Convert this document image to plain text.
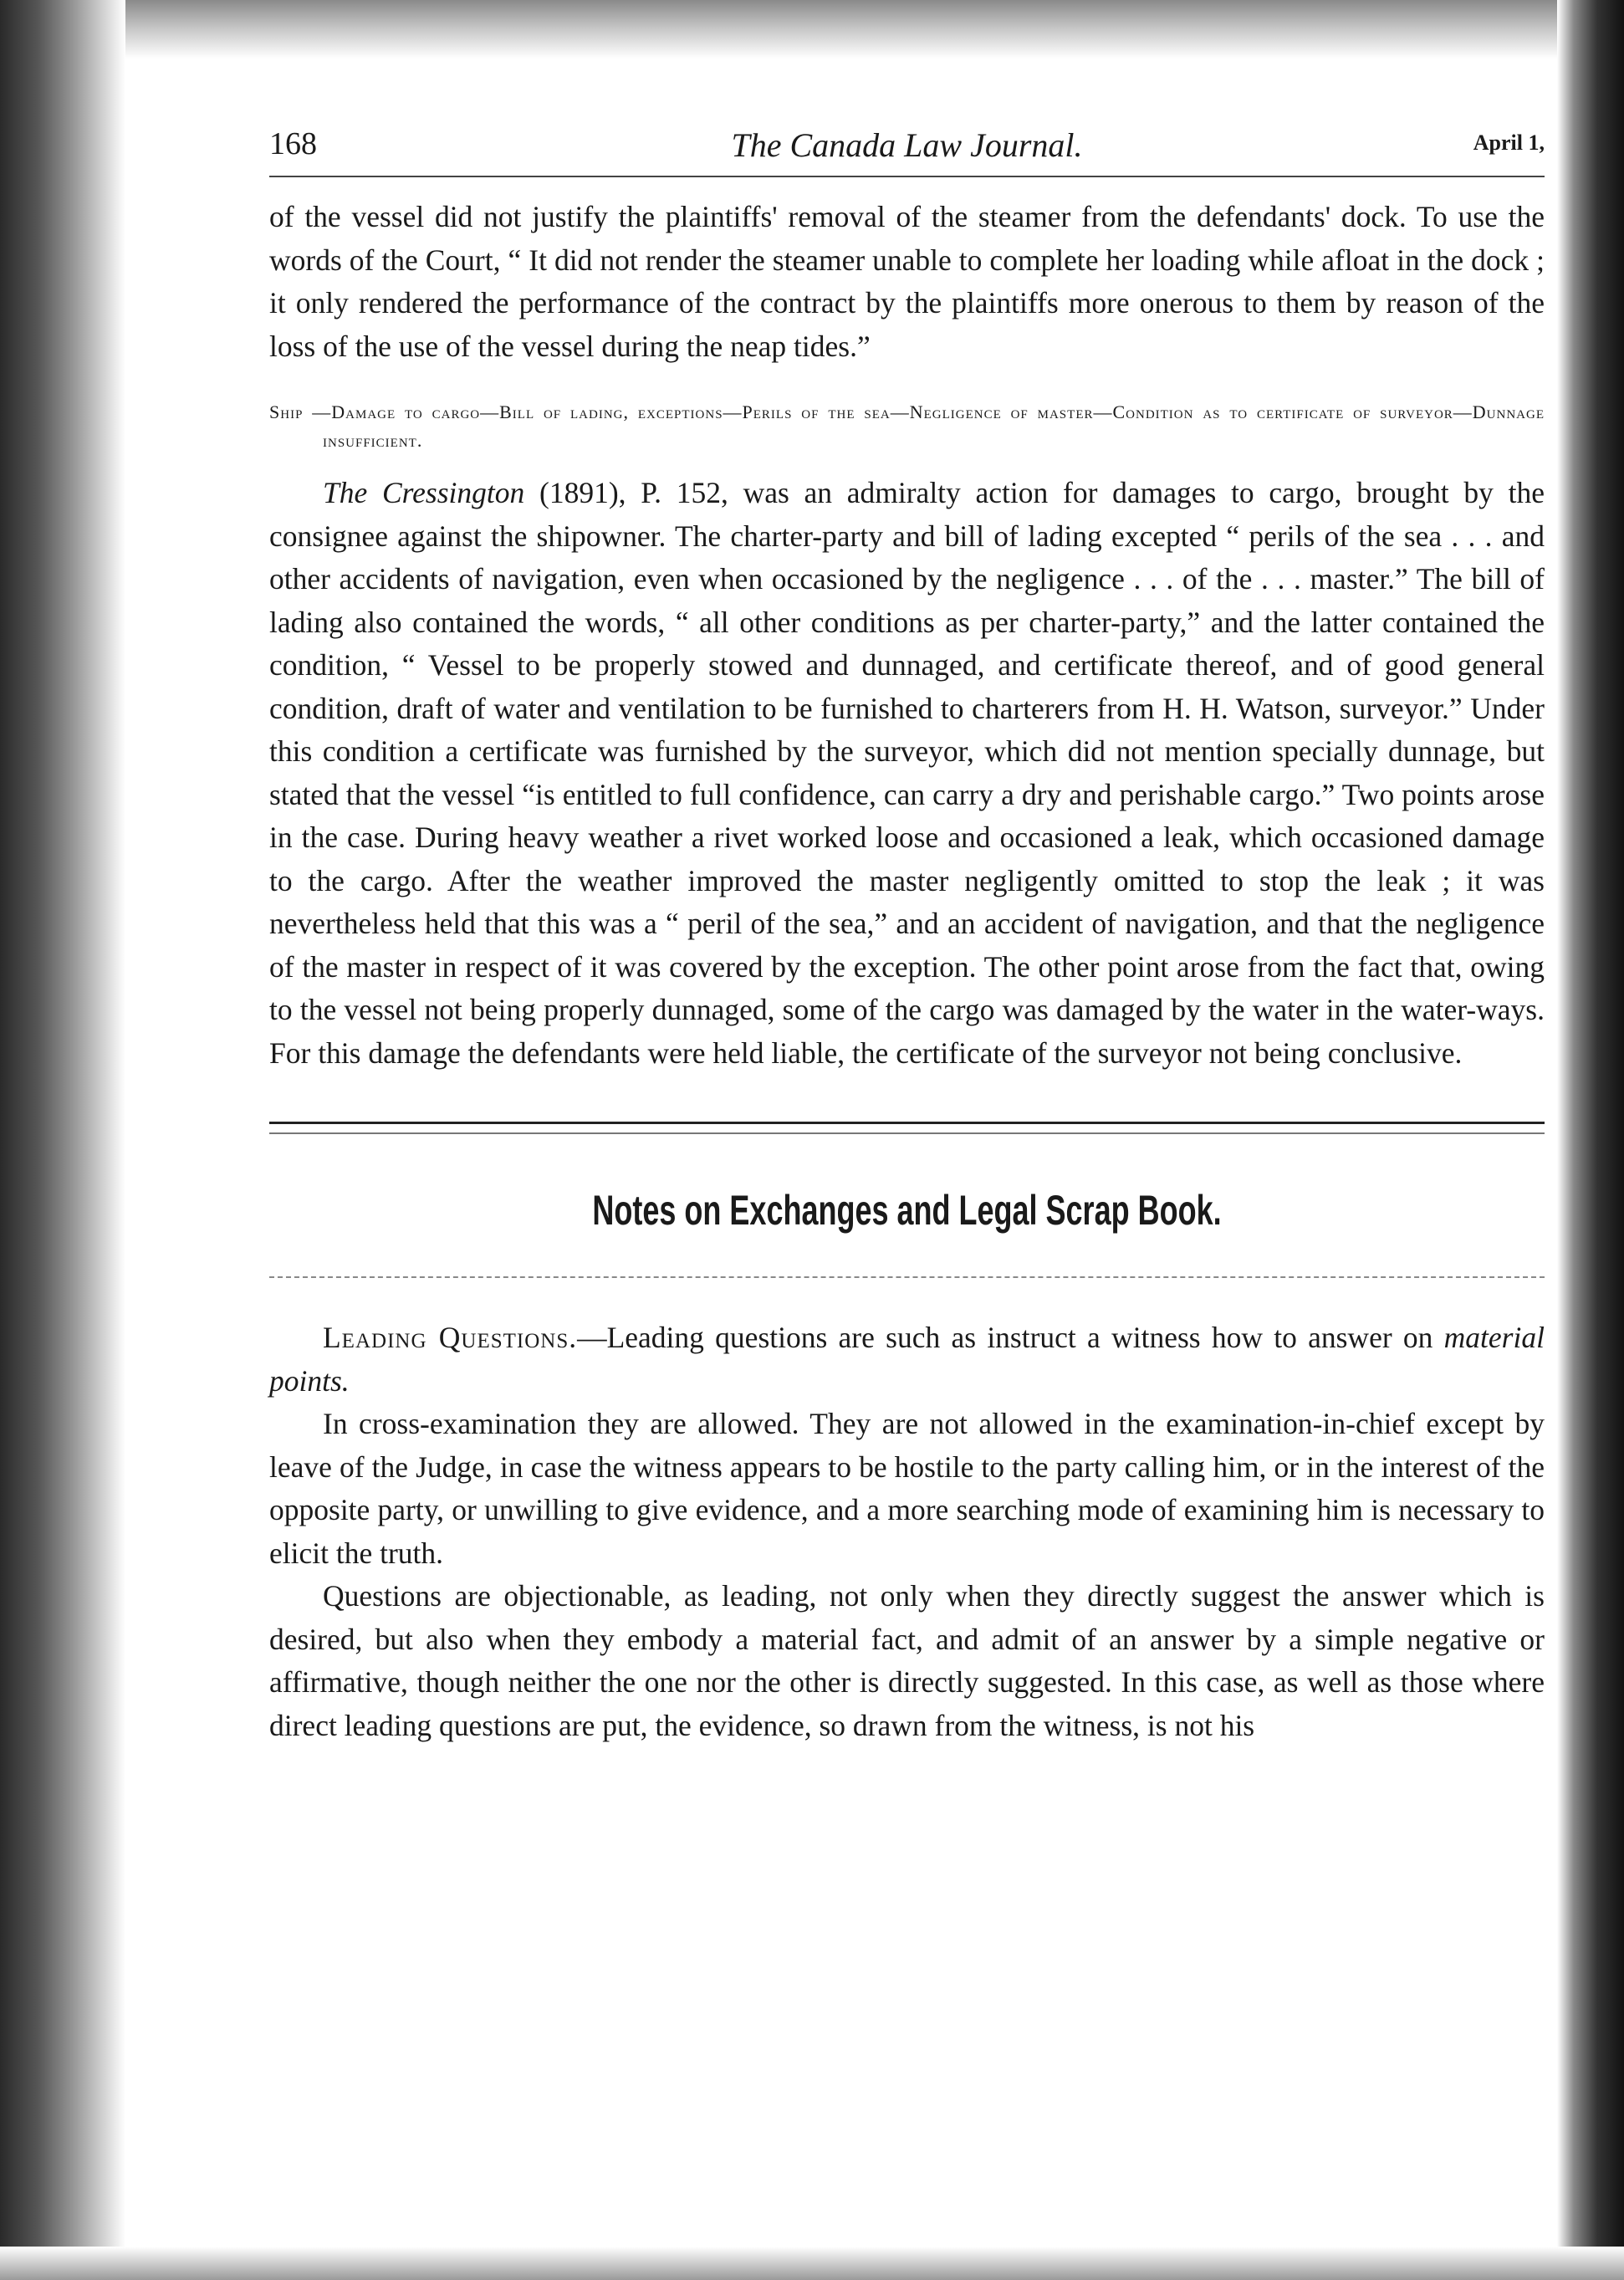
168	The Canada Law Journal.	April 1,

of the vessel did not justify the plaintiffs' removal of the steamer from the defendants' dock. To use the words of the Court, “ It did not render the steamer unable to complete her loading while afloat in the dock ; it only rendered the performance of the contract by the plaintiffs more onerous to them by reason of the loss of the use of the vessel during the neap tides.”

Ship —Damage to cargo—Bill of lading, exceptions—Perils of the sea—Negligence of master—Condition as to certificate of surveyor—Dunnage insufficient.

The Cressington (1891), P. 152, was an admiralty action for damages to cargo, brought by the consignee against the shipowner. The charter-party and bill of lading excepted “ perils of the sea . . . and other accidents of navigation, even when occasioned by the negligence . . . of the . . . master.” The bill of lading also contained the words, “ all other conditions as per charter-party,” and the latter contained the condition, “ Vessel to be properly stowed and dunnaged, and certificate thereof, and of good general condition, draft of water and ventilation to be furnished to charterers from H. H. Watson, surveyor.” Under this condition a certificate was furnished by the surveyor, which did not mention specially dunnage, but stated that the vessel “is entitled to full confidence, can carry a dry and perishable cargo.” Two points arose in the case. During heavy weather a rivet worked loose and occasioned a leak, which occasioned damage to the cargo. After the weather improved the master negligently omitted to stop the leak ; it was nevertheless held that this was a “ peril of the sea,” and an accident of navigation, and that the negligence of the master in respect of it was covered by the exception. The other point arose from the fact that, owing to the vessel not being properly dunnaged, some of the cargo was damaged by the water in the water-ways. For this damage the defendants were held liable, the certificate of the surveyor not being conclusive.

Notes on Exchanges and Legal Scrap Book.

Leading Questions.—Leading questions are such as instruct a witness how to answer on material points.

In cross-examination they are allowed. They are not allowed in the examination-in-chief except by leave of the Judge, in case the witness appears to be hostile to the party calling him, or in the interest of the opposite party, or unwilling to give evidence, and a more searching mode of examining him is necessary to elicit the truth.

Questions are objectionable, as leading, not only when they directly suggest the answer which is desired, but also when they embody a material fact, and admit of an answer by a simple negative or affirmative, though neither the one nor the other is directly suggested. In this case, as well as those where direct leading questions are put, the evidence, so drawn from the witness, is not his
